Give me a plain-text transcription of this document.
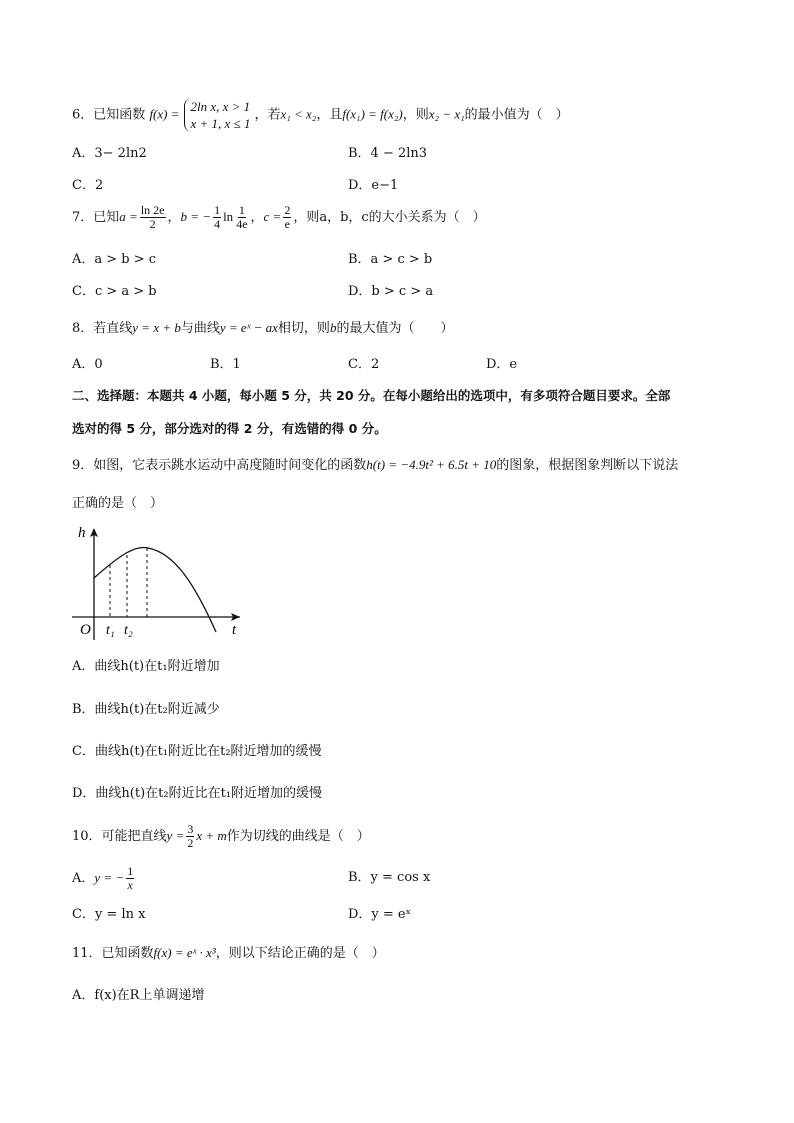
6．已知函数 f(x) = 2ln x, x > 1
x + 1, x ≤ 1
，若x₁ < x₂，且f(x₁) = f(x₂)，则x₂ − x₁的最小值为（　）
A．3− 2ln2	B．4 − 2ln3
C．2	D．e−1
7．已知$a = \frac{\ln 2e}{2}$ ，b = − $\frac{1}{4}$ $\ln \frac{1}{4e}$ ，$c = \frac{2}{e}$ ，则a，b，c的大小关系为（　）
A．a > b > c	B．a > c > b
C．c > a > b	D．b > c > a
8．若直线y = x + b与曲线y = eˣ − ax相切，则b的最大值为（　　）
A．0	B．1	C．2	D．e
二、选择题：本题共 4 小题，每小题 5 分，共 20 分。在每小题给出的选项中，有多项符合题目要求。全部
选对的得 5 分，部分选对的得 2 分，有选错的得 0 分。
9．如图，它表示跳水运动中高度随时间变化的函数h(t) = −4.9t² + 6.5t + 10的图象，根据图象判断以下说法
正确的是（　）
h
t
O t₁ t₂
A．曲线h(t)在t₁附近增加
B．曲线h(t)在t₂附近减少
C．曲线h(t)在t₁附近比在t₂附近增加的缓慢
D．曲线h(t)在t₂附近比在t₁附近增加的缓慢
10．可能把直线$y = \frac{3}{2}$ x + m作为切线的曲线是（　）
A．y = − $\frac{1}{x}$	B．y = cos x
C．y = ln x	D．y = eˣ
11．已知函数f(x) = eˣ · x³，则以下结论正确的是（　）
A．f(x)在R上单调递增
